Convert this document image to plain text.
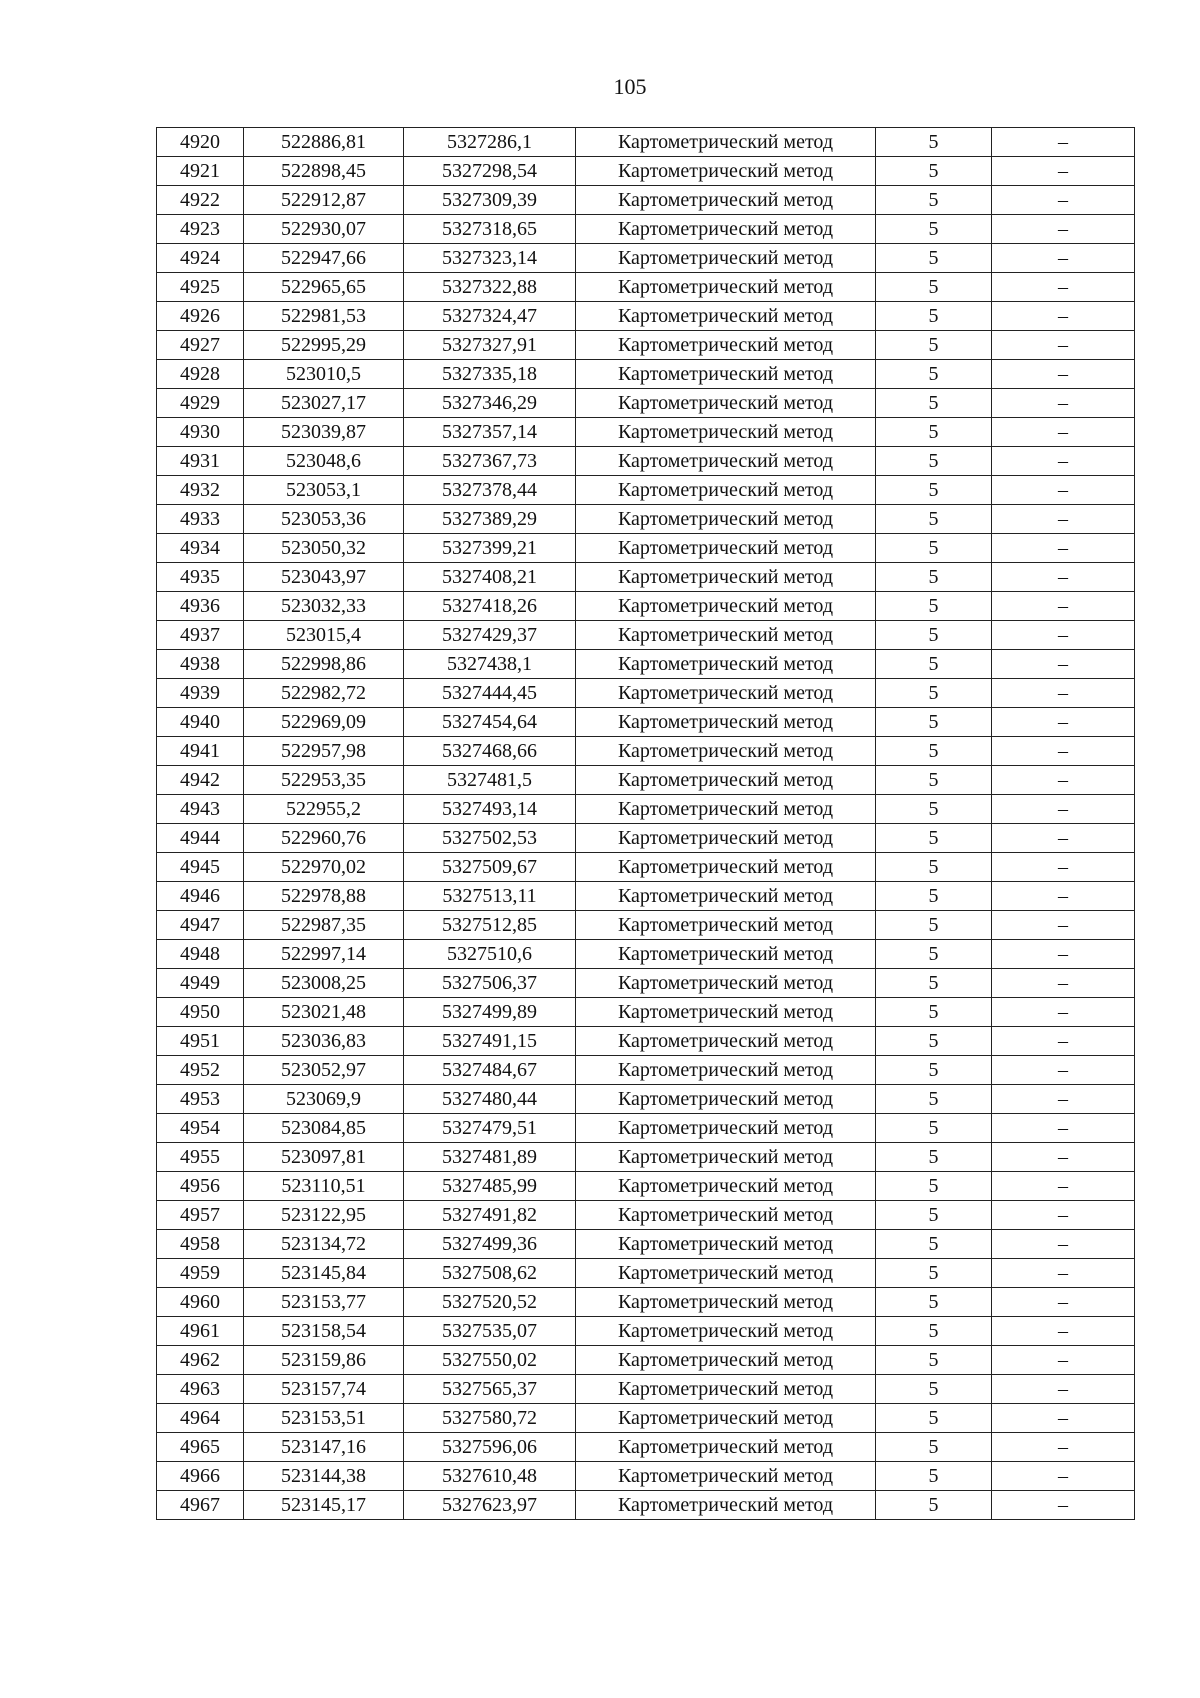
105
4920	522886,81	5327286,1	Картометрический метод	5	–
4921	522898,45	5327298,54	Картометрический метод	5	–
4922	522912,87	5327309,39	Картометрический метод	5	–
4923	522930,07	5327318,65	Картометрический метод	5	–
4924	522947,66	5327323,14	Картометрический метод	5	–
4925	522965,65	5327322,88	Картометрический метод	5	–
4926	522981,53	5327324,47	Картометрический метод	5	–
4927	522995,29	5327327,91	Картометрический метод	5	–
4928	523010,5	5327335,18	Картометрический метод	5	–
4929	523027,17	5327346,29	Картометрический метод	5	–
4930	523039,87	5327357,14	Картометрический метод	5	–
4931	523048,6	5327367,73	Картометрический метод	5	–
4932	523053,1	5327378,44	Картометрический метод	5	–
4933	523053,36	5327389,29	Картометрический метод	5	–
4934	523050,32	5327399,21	Картометрический метод	5	–
4935	523043,97	5327408,21	Картометрический метод	5	–
4936	523032,33	5327418,26	Картометрический метод	5	–
4937	523015,4	5327429,37	Картометрический метод	5	–
4938	522998,86	5327438,1	Картометрический метод	5	–
4939	522982,72	5327444,45	Картометрический метод	5	–
4940	522969,09	5327454,64	Картометрический метод	5	–
4941	522957,98	5327468,66	Картометрический метод	5	–
4942	522953,35	5327481,5	Картометрический метод	5	–
4943	522955,2	5327493,14	Картометрический метод	5	–
4944	522960,76	5327502,53	Картометрический метод	5	–
4945	522970,02	5327509,67	Картометрический метод	5	–
4946	522978,88	5327513,11	Картометрический метод	5	–
4947	522987,35	5327512,85	Картометрический метод	5	–
4948	522997,14	5327510,6	Картометрический метод	5	–
4949	523008,25	5327506,37	Картометрический метод	5	–
4950	523021,48	5327499,89	Картометрический метод	5	–
4951	523036,83	5327491,15	Картометрический метод	5	–
4952	523052,97	5327484,67	Картометрический метод	5	–
4953	523069,9	5327480,44	Картометрический метод	5	–
4954	523084,85	5327479,51	Картометрический метод	5	–
4955	523097,81	5327481,89	Картометрический метод	5	–
4956	523110,51	5327485,99	Картометрический метод	5	–
4957	523122,95	5327491,82	Картометрический метод	5	–
4958	523134,72	5327499,36	Картометрический метод	5	–
4959	523145,84	5327508,62	Картометрический метод	5	–
4960	523153,77	5327520,52	Картометрический метод	5	–
4961	523158,54	5327535,07	Картометрический метод	5	–
4962	523159,86	5327550,02	Картометрический метод	5	–
4963	523157,74	5327565,37	Картометрический метод	5	–
4964	523153,51	5327580,72	Картометрический метод	5	–
4965	523147,16	5327596,06	Картометрический метод	5	–
4966	523144,38	5327610,48	Картометрический метод	5	–
4967	523145,17	5327623,97	Картометрический метод	5	–
